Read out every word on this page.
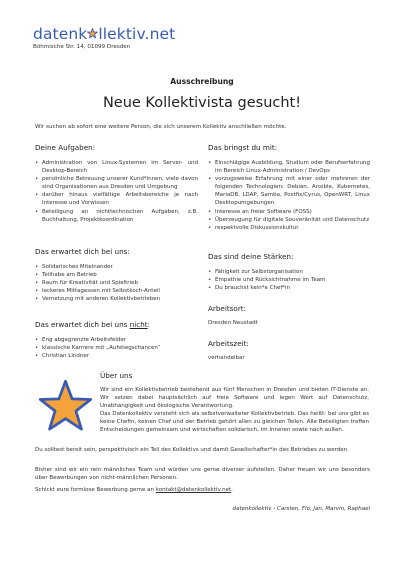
datenk llektiv.net
Böhmische Str. 14, 01099 Dresden
Ausschreibung
Neue Kollektivista gesucht!
Wir suchen ab sofort eine weitere Person, die sich unserem Kollektiv anschließen möchte.
Deine Aufgaben:
• Administration von Linux-Systemen im Server- und Desktop-Bereich
• persönliche Betreuung unserer Kund*innen, viele davon sind Organisationen aus Dresden und Umgebung
• darüber hinaus vielfältige Arbeitsbereiche je nach Interesse und Vorwissen
• Beteiligung an nichttechnischen Aufgaben, z.B. Buchhaltung, Projektkoordination
Das erwartet dich bei uns:
• Solidarisches Miteinander
• Teilhabe am Betrieb
• Raum für Kreativität und Spieltrieb
• leckeres Mittagessen mit Selbstkoch-Anteil
• Vernetzung mit anderen Kollektivbetrieben
Das erwartet dich bei uns nicht:
• Eng abgegrenzte Arbeitsfelder
• klassische Karriere mit „Aufstiegschancen“
• Christian Lindner
Das bringst du mit:
• Einschlägige Ausbildung, Studium oder Berufserfahrung im Bereich Linux-Administration / DevOps
• vorzugsweise Erfahrung mit einer oder mehreren der folgenden Technologien: Debian, Ansible, Kubernetes, MariaDB, LDAP, Samba, Postfix/Cyrus, OpenWRT, Linux Desktopumgebungen
• Interesse an freier Software (FOSS)
• Überzeugung für digitale Souveränität und Datenschutz
• respektvolle Diskussionskultur
Das sind deine Stärken:
• Fähigkeit zur Selbstorganisation
• Empathie und Rücksichtnahme im Team
• Du brauchst kein*e Chef*in
Arbeitsort:
Dresden Neustadt
Arbeitszeit:
verhandelbar
Über uns
Wir sind ein Kollektivbetrieb bestehend aus fünf Menschen in Dresden und bieten IT-Dienste an. Wir setzen dabei hauptsächlich auf freie Software und legen Wert auf Datenschutz, Unabhängigkeit und ökologische Verantwortung.
Das Datenkollektiv versteht sich als selbstverwalteter Kollektivbetrieb. Das heißt: bei uns gibt es keine Chefin, keinen Chef und der Betrieb gehört allen zu gleichen Teilen. Alle Beteiligten treffen Entscheidungen gemeinsam und wirtschaften solidarisch, im Inneren sowie nach außen.
Du solltest bereit sein, perspektivisch ein Teil des Kollektivs und damit Gesellschafter*in des Betriebes zu werden.
Bisher sind wir ein rein männliches Team und würden uns gerne diverser aufstellen. Daher freuen wir uns besonders über Bewerbungen von nicht-männlichen Personen.
Schickt eure formlose Bewerbung gerne an kontakt@datenkollektiv.net.
datenkollektiv - Carsten, Flo, Jan, Marvin, Raphael
